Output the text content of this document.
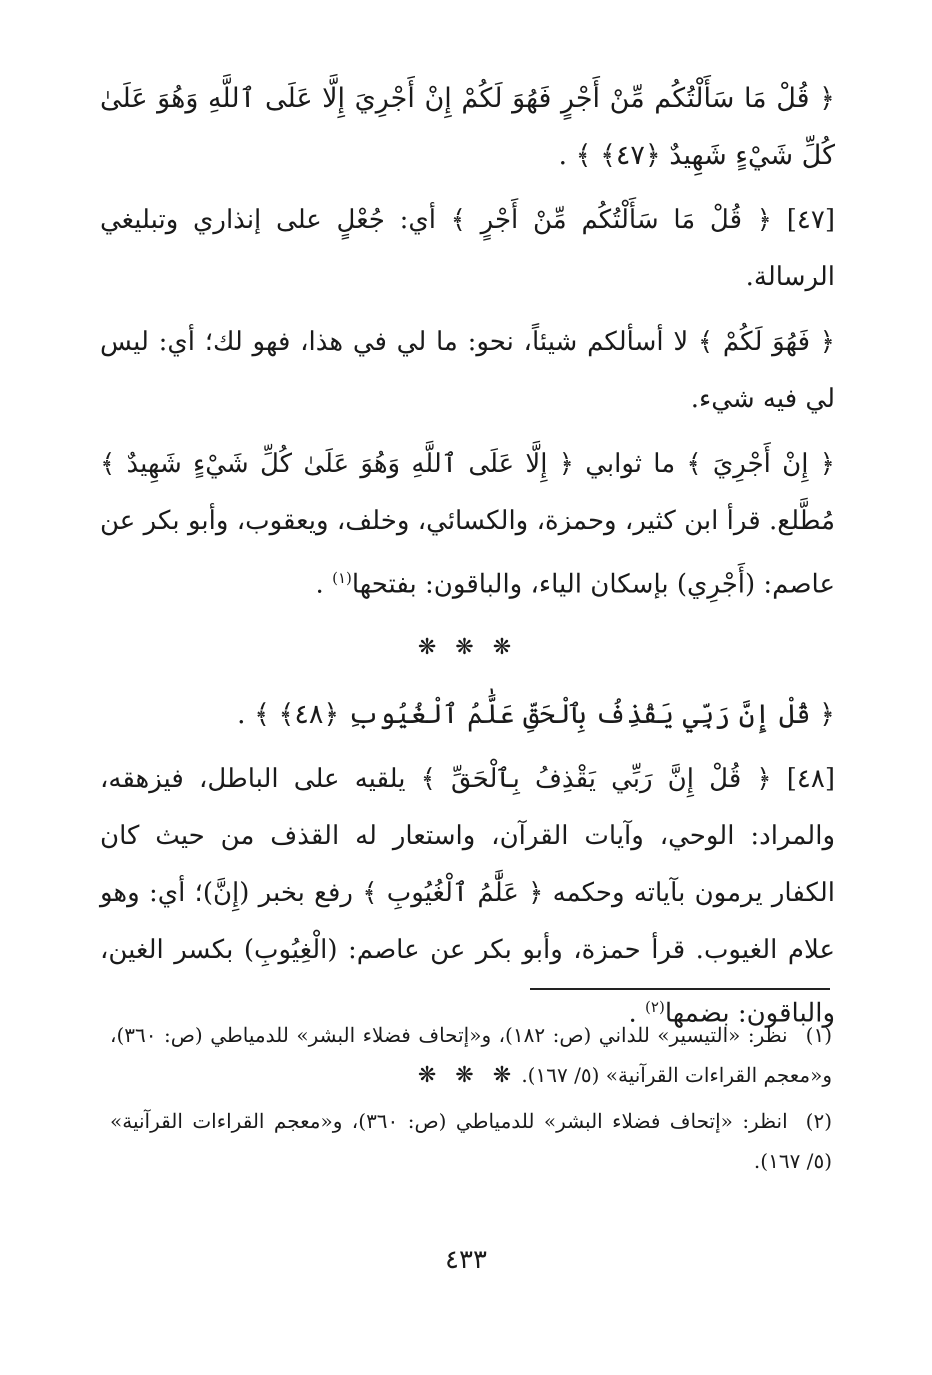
﴿ قُلْ مَا سَأَلْتُكُم مِّنْ أَجْرٍ فَهُوَ لَكُمْ إِنْ أَجْرِيَ إِلَّا عَلَى ٱللَّهِ وَهُوَ عَلَىٰ كُلِّ شَيْءٍ شَهِيدٌ ﴿٤٧﴾ ﴾ .

[٤٧] ﴿ قُلْ مَا سَأَلْتُكُم مِّنْ أَجْرٍ ﴾ أي: جُعْلٍ على إنذاري وتبليغي الرسالة.

﴿ فَهُوَ لَكُمْ ﴾ لا أسألكم شيئاً، نحو: ما لي في هذا، فهو لك؛ أي: ليس لي فيه شيء.

﴿ إِنْ أَجْرِيَ ﴾ ما ثوابي ﴿ إِلَّا عَلَى ٱللَّهِ وَهُوَ عَلَىٰ كُلِّ شَيْءٍ شَهِيدٌ ﴾ مُطَّلع. قرأ ابن كثير، وحمزة، والكسائي، وخلف، ويعقوب، وأبو بكر عن عاصم: (أَجْرِي) بإسكان الياء، والباقون: بفتحها$^{(١)}$ .

❋ ❋ ❋

﴿ قُلْ إِنَّ رَبِّي يَقْذِفُ بِٱلْحَقِّ عَلَّٰمُ ٱلْغُيُوبِ ﴿٤٨﴾ ﴾ .

[٤٨] ﴿ قُلْ إِنَّ رَبِّي يَقْذِفُ بِٱلْحَقِّ ﴾ يلقيه على الباطل، فيزهقه، والمراد: الوحي، وآيات القرآن، واستعار له القذف من حيث كان الكفار يرمون بآياته وحكمه ﴿ عَلَّٰمُ ٱلْغُيُوبِ ﴾ رفع بخبر (إِنَّ)؛ أي: وهو علام الغيوب. قرأ حمزة، وأبو بكر عن عاصم: (الْغِيُوبِ) بكسر الغين، والباقون: بضمها$^{(٢)}$ .

❋ ❋ ❋

(١)نظر: «التيسير» للداني (ص: ١٨٢)، و«إتحاف فضلاء البشر» للدمياطي (ص: ٣٦٠)، و«معجم القراءات القرآنية» (٥/ ١٦٧).

(٢)انظر: «إتحاف فضلاء البشر» للدمياطي (ص: ٣٦٠)، و«معجم القراءات القرآنية» (٥/ ١٦٧).

٤٣٣
